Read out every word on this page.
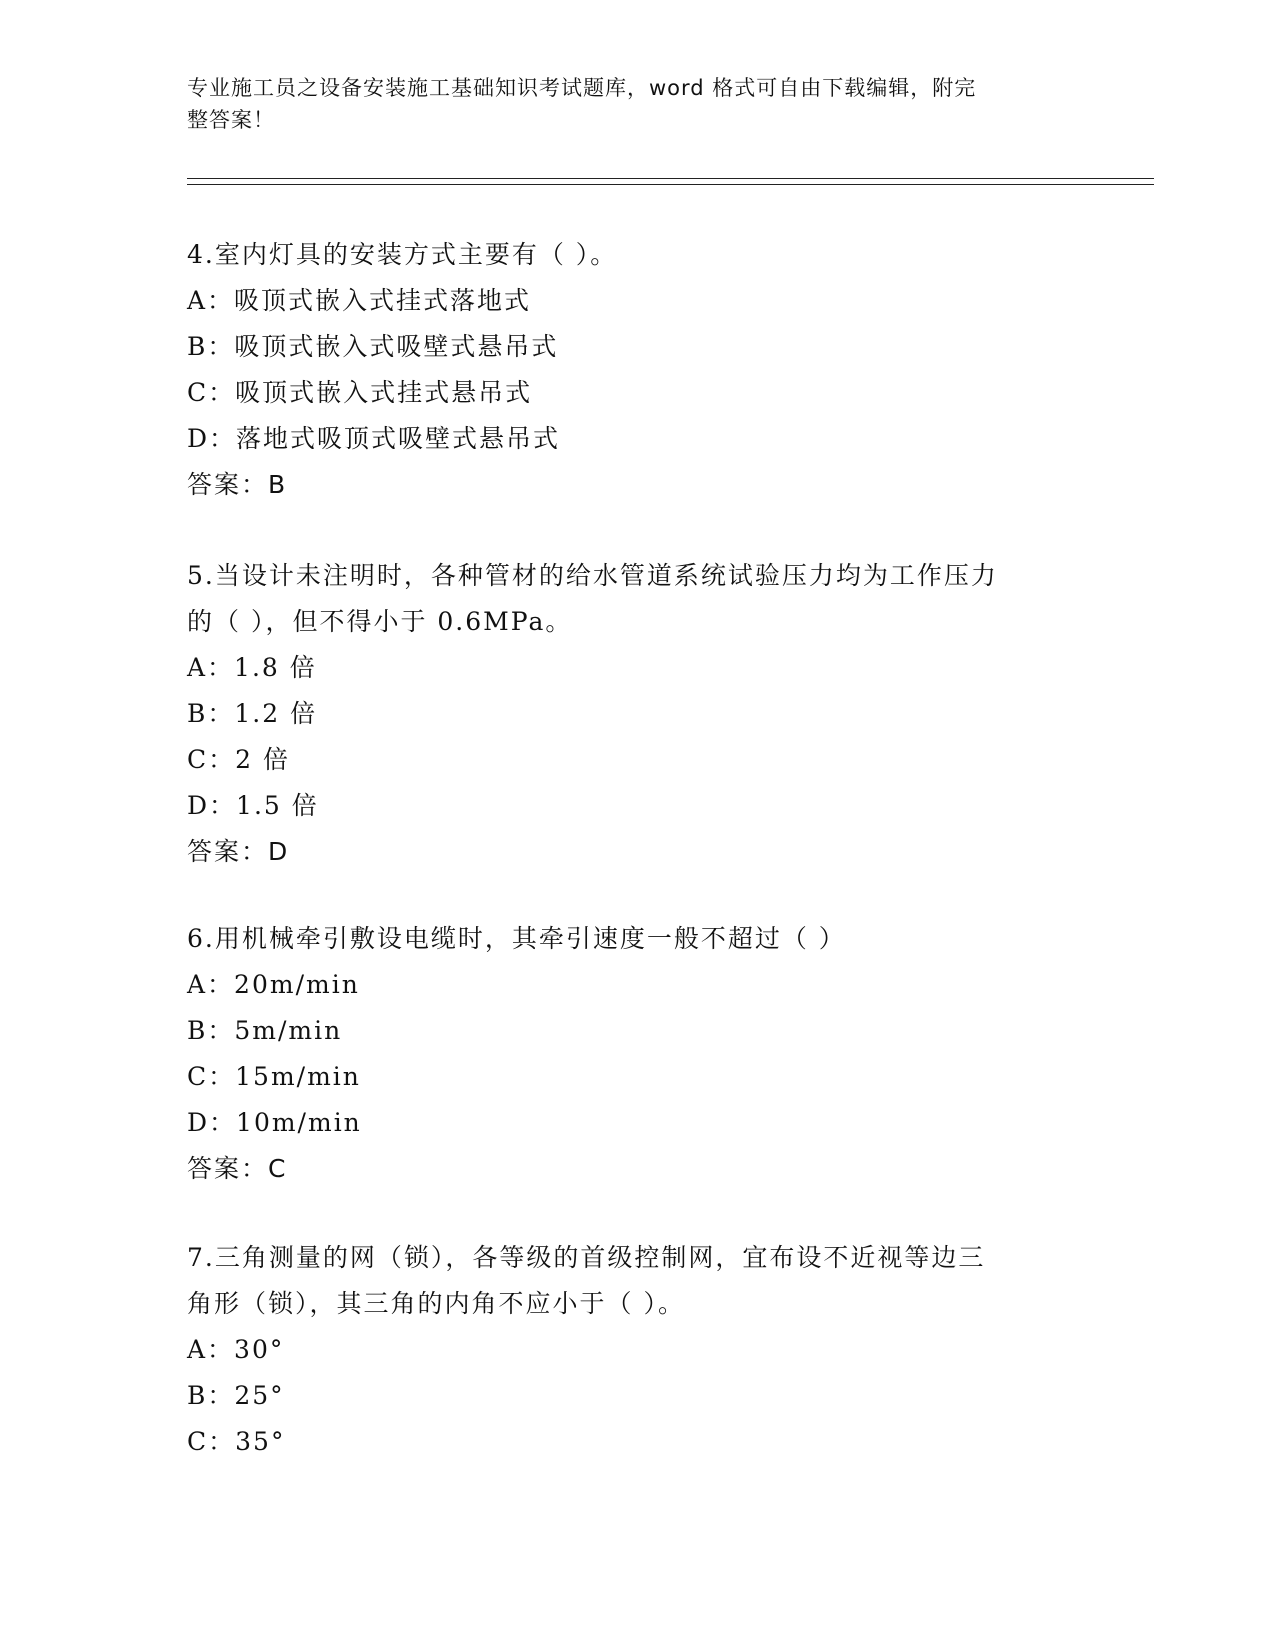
专业施工员之设备安装施工基础知识考试题库，word 格式可自由下载编辑，附完
整答案！
4.室内灯具的安装方式主要有（ ）。
A：吸顶式嵌入式挂式落地式
B：吸顶式嵌入式吸壁式悬吊式
C：吸顶式嵌入式挂式悬吊式
D：落地式吸顶式吸壁式悬吊式
答案：B
5.当设计未注明时，各种管材的给水管道系统试验压力均为工作压力
的（ ），但不得小于 0.6MPa。
A：1.8 倍
B：1.2 倍
C：2 倍
D：1.5 倍
答案：D
6.用机械牵引敷设电缆时，其牵引速度一般不超过（ ）
A：20m/min
B：5m/min
C：15m/min
D：10m/min
答案：C
7.三角测量的网（锁），各等级的首级控制网，宜布设不近视等边三
角形（锁），其三角的内角不应小于（ ）。
A：30°
B：25°
C：35°
